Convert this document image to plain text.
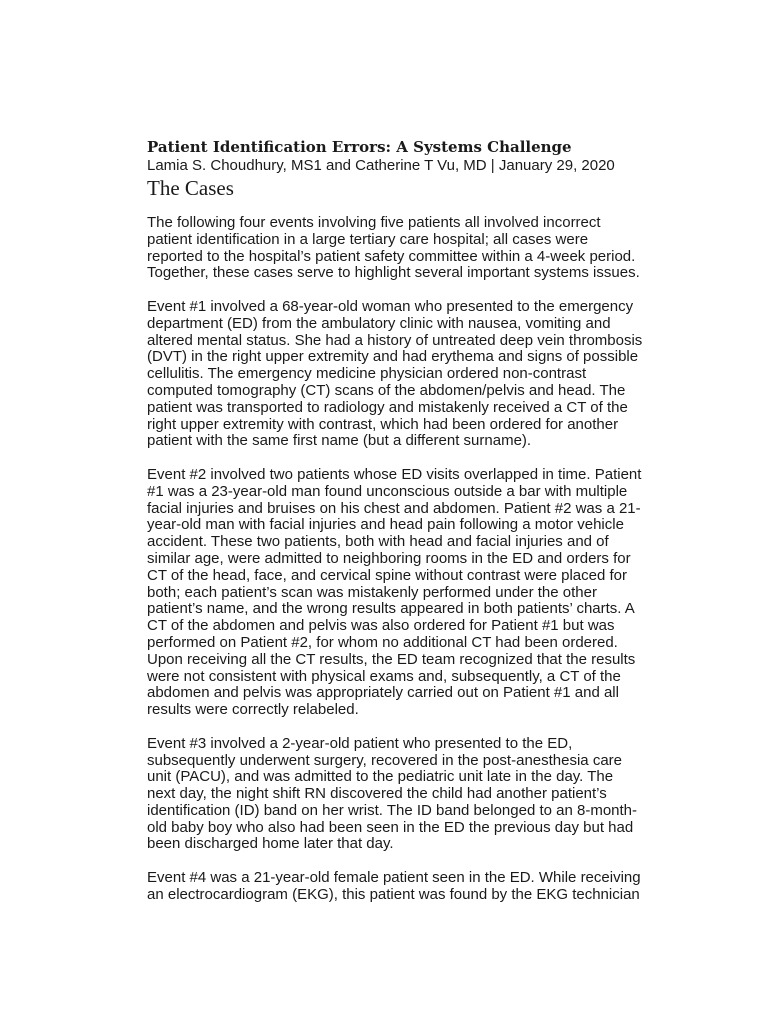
Patient Identification Errors: A Systems Challenge

Lamia S. Choudhury, MS1 and Catherine T Vu, MD | January 29, 2020

The Cases

The following four events involving five patients all involved incorrect
patient identification in a large tertiary care hospital; all cases were
reported to the hospital’s patient safety committee within a 4-week period.
Together, these cases serve to highlight several important systems issues.

Event #1 involved a 68-year-old woman who presented to the emergency
department (ED) from the ambulatory clinic with nausea, vomiting and
altered mental status. She had a history of untreated deep vein thrombosis
(DVT) in the right upper extremity and had erythema and signs of possible
cellulitis. The emergency medicine physician ordered non-contrast
computed tomography (CT) scans of the abdomen/pelvis and head. The
patient was transported to radiology and mistakenly received a CT of the
right upper extremity with contrast, which had been ordered for another
patient with the same first name (but a different surname).

Event #2 involved two patients whose ED visits overlapped in time. Patient
#1 was a 23-year-old man found unconscious outside a bar with multiple
facial injuries and bruises on his chest and abdomen. Patient #2 was a 21-
year-old man with facial injuries and head pain following a motor vehicle
accident. These two patients, both with head and facial injuries and of
similar age, were admitted to neighboring rooms in the ED and orders for
CT of the head, face, and cervical spine without contrast were placed for
both; each patient’s scan was mistakenly performed under the other
patient’s name, and the wrong results appeared in both patients’ charts. A
CT of the abdomen and pelvis was also ordered for Patient #1 but was
performed on Patient #2, for whom no additional CT had been ordered.
Upon receiving all the CT results, the ED team recognized that the results
were not consistent with physical exams and, subsequently, a CT of the
abdomen and pelvis was appropriately carried out on Patient #1 and all
results were correctly relabeled.

Event #3 involved a 2-year-old patient who presented to the ED,
subsequently underwent surgery, recovered in the post-anesthesia care
unit (PACU), and was admitted to the pediatric unit late in the day. The
next day, the night shift RN discovered the child had another patient’s
identification (ID) band on her wrist. The ID band belonged to an 8-month-
old baby boy who also had been seen in the ED the previous day but had
been discharged home later that day.

Event #4 was a 21-year-old female patient seen in the ED. While receiving
an electrocardiogram (EKG), this patient was found by the EKG technician
